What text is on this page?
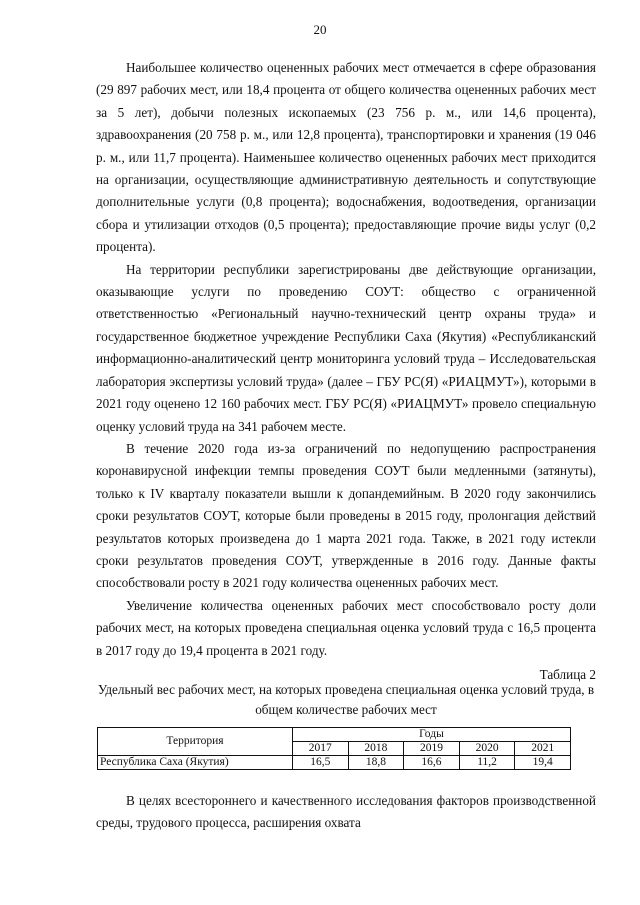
20

Наибольшее количество оцененных рабочих мест отмечается в сфере образования (29 897 рабочих мест, или 18,4 процента от общего количества оцененных рабочих мест за 5 лет), добычи полезных ископаемых (23 756 р. м., или 14,6 процента), здравоохранения (20 758 р. м., или 12,8 процента), транспортировки и хранения (19 046 р. м., или 11,7 процента). Наименьшее количество оцененных рабочих мест приходится на организации, осуществляющие административную деятельность и сопутствующие дополнительные услуги (0,8 процента); водоснабжения, водоотведения, организации сбора и утилизации отходов (0,5 процента); предоставляющие прочие виды услуг (0,2 процента).

На территории республики зарегистрированы две действующие организации, оказывающие услуги по проведению СОУТ: общество с ограниченной ответственностью «Региональный научно-технический центр охраны труда» и государственное бюджетное учреждение Республики Саха (Якутия) «Республиканский информационно-аналитический центр мониторинга условий труда – Исследовательская лаборатория экспертизы условий труда» (далее – ГБУ РС(Я) «РИАЦМУТ»), которыми в 2021 году оценено 12 160 рабочих мест. ГБУ РС(Я) «РИАЦМУТ» провело специальную оценку условий труда на 341 рабочем месте.

В течение 2020 года из-за ограничений по недопущению распространения коронавирусной инфекции темпы проведения СОУТ были медленными (затянуты), только к IV кварталу показатели вышли к допандемийным. В 2020 году закончились сроки результатов СОУТ, которые были проведены в 2015 году, пролонгация действий результатов которых произведена до 1 марта 2021 года. Также, в 2021 году истекли сроки результатов проведения СОУТ, утвержденные в 2016 году. Данные факты способствовали росту в 2021 году количества оцененных рабочих мест.

Увеличение количества оцененных рабочих мест способствовало росту доли рабочих мест, на которых проведена специальная оценка условий труда с 16,5 процента в 2017 году до 19,4 процента в 2021 году.

Таблица 2
Удельный вес рабочих мест, на которых проведена специальная оценка условий труда, в общем количестве рабочих мест
Территория	Годы				
	2017	2018	2019	2020	2021
Республика Саха (Якутия)	16,5	18,8	16,6	11,2	19,4

В целях всестороннего и качественного исследования факторов производственной среды, трудового процесса, расширения охвата
